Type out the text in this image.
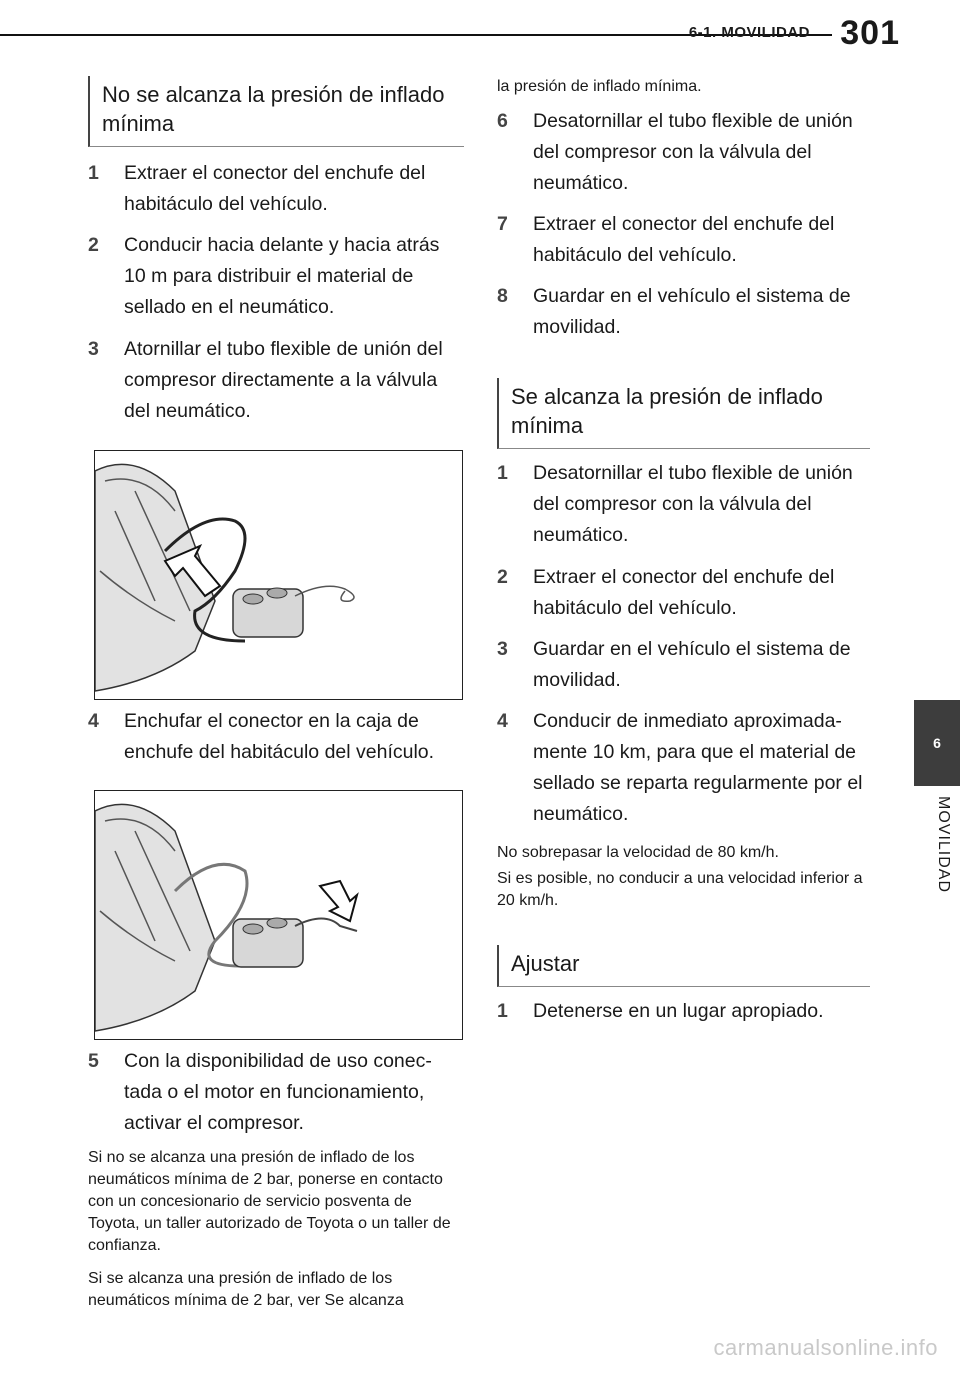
6-1. MOVILIDAD 301
6
MOVILIDAD
No se alcanza la presión de inflado mínima
1 Extraer el conector del enchufe del habitáculo del vehículo.
2 Conducir hacia delante y hacia atrás 10 m para distribuir el material de sellado en el neumático.
3 Atornillar el tubo flexible de unión del compresor directamente a la válvula del neumático.
4 Enchufar el conector en la caja de enchufe del habitáculo del vehículo.
5 Con la disponibilidad de uso conec-tada o el motor en funcionamiento, activar el compresor.
Si no se alcanza una presión de inflado de los neumáticos mínima de 2 bar, ponerse en contacto con un concesionario de servicio posventa de Toyota, un taller autorizado de Toyota o un taller de confianza.
Si se alcanza una presión de inflado de los neumáticos mínima de 2 bar, ver Se alcanza
la presión de inflado mínima.
6 Desatornillar el tubo flexible de unión del compresor con la válvula del neumático.
7 Extraer el conector del enchufe del habitáculo del vehículo.
8 Guardar en el vehículo el sistema de movilidad.
Se alcanza la presión de inflado mínima
1 Desatornillar el tubo flexible de unión del compresor con la válvula del neumático.
2 Extraer el conector del enchufe del habitáculo del vehículo.
3 Guardar en el vehículo el sistema de movilidad.
4 Conducir de inmediato aproximada-mente 10 km, para que el material de sellado se reparta regularmente por el neumático.
No sobrepasar la velocidad de 80 km/h.
Si es posible, no conducir a una velocidad inferior a 20 km/h.
Ajustar
1 Detenerse en un lugar apropiado.
carmanualsonline.info
